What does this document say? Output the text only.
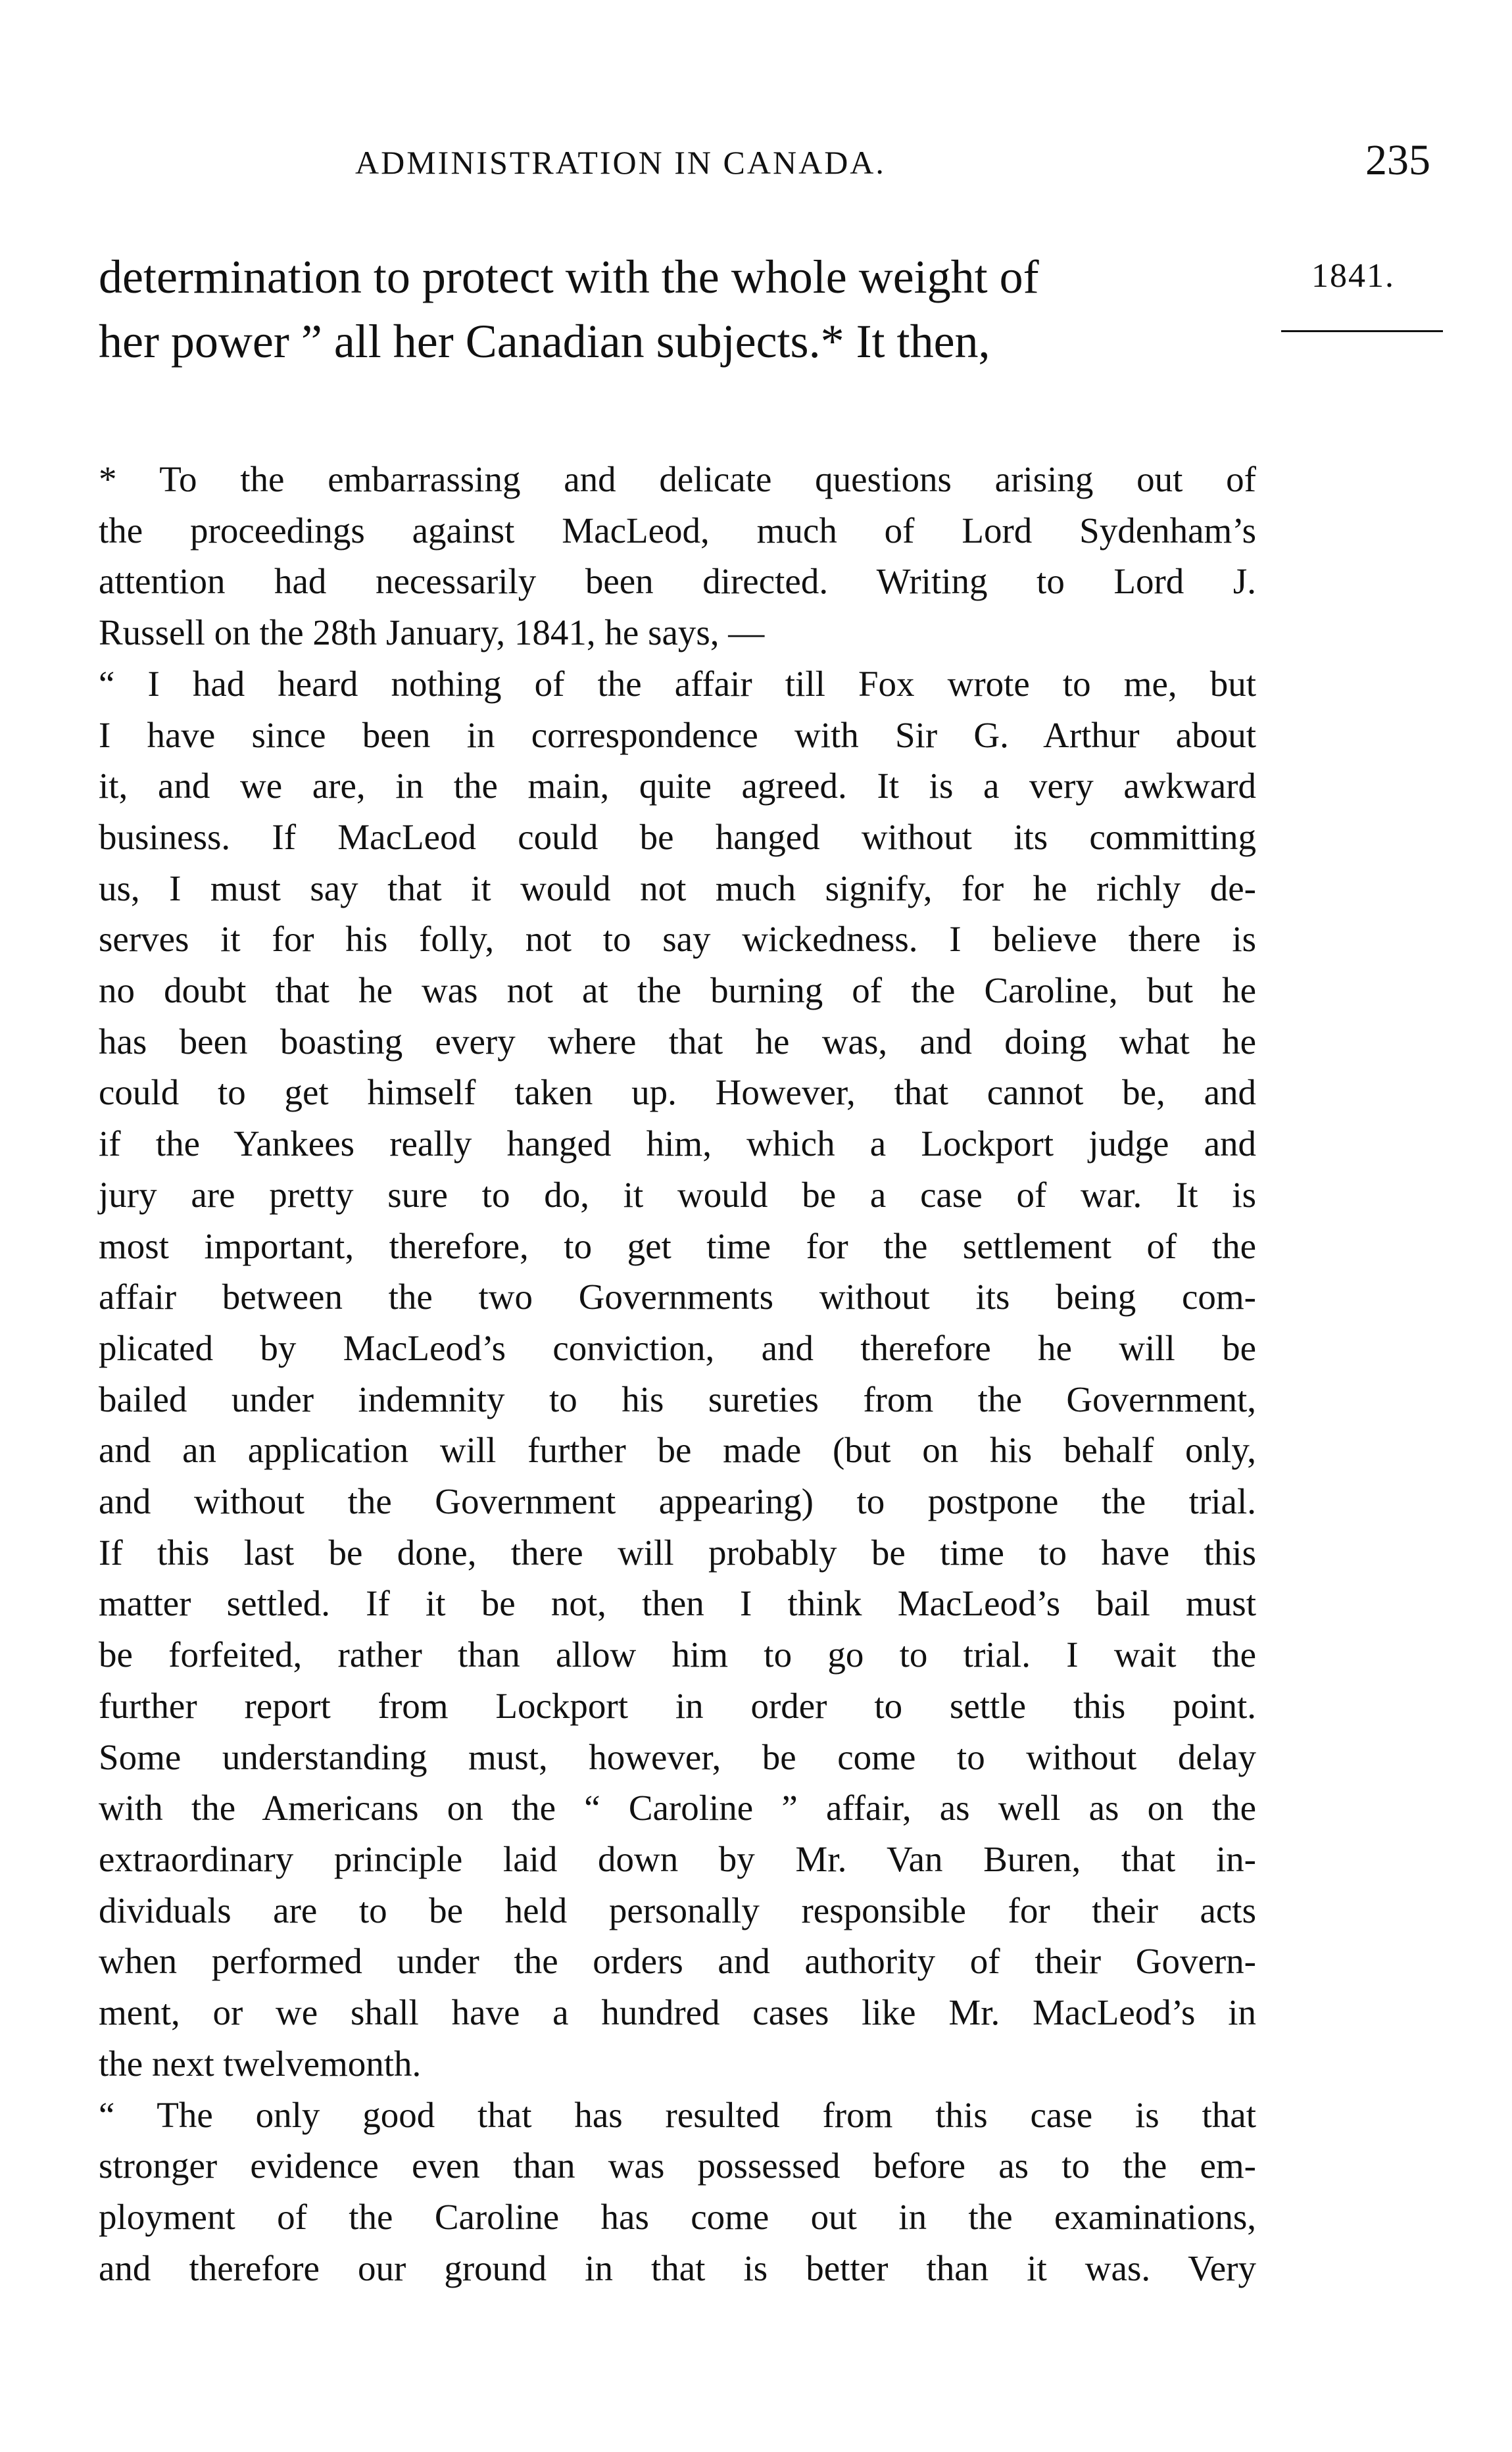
ADMINISTRATION IN CANADA.	235
determination to protect with the whole weight of
her power ” all her Canadian subjects.* It then,
1841.

* To the embarrassing and delicate questions arising out of

the proceedings against MacLeod, much of Lord Sydenham’s

attention had necessarily been directed. Writing to Lord J.

Russell on the 28th January, 1841, he says, —

“ I had heard nothing of the affair till Fox wrote to me, but

I have since been in correspondence with Sir G. Arthur about

it, and we are, in the main, quite agreed. It is a very awkward

business. If MacLeod could be hanged without its committing

us, I must say that it would not much signify, for he richly de-

serves it for his folly, not to say wickedness. I believe there is

no doubt that he was not at the burning of the Caroline, but he

has been boasting every where that he was, and doing what he

could to get himself taken up. However, that cannot be, and

if the Yankees really hanged him, which a Lockport judge and

jury are pretty sure to do, it would be a case of war. It is

most important, therefore, to get time for the settlement of the

affair between the two Governments without its being com-

plicated by MacLeod’s conviction, and therefore he will be

bailed under indemnity to his sureties from the Government,

and an application will further be made (but on his behalf only,

and without the Government appearing) to postpone the trial.

If this last be done, there will probably be time to have this

matter settled. If it be not, then I think MacLeod’s bail must

be forfeited, rather than allow him to go to trial. I wait the

further report from Lockport in order to settle this point.

Some understanding must, however, be come to without delay

with the Americans on the “ Caroline ” affair, as well as on the

extraordinary principle laid down by Mr. Van Buren, that in-

dividuals are to be held personally responsible for their acts

when performed under the orders and authority of their Govern-

ment, or we shall have a hundred cases like Mr. MacLeod’s in

the next twelvemonth.

“ The only good that has resulted from this case is that

stronger evidence even than was possessed before as to the em-

ployment of the Caroline has come out in the examinations,

and therefore our ground in that is better than it was. Very
